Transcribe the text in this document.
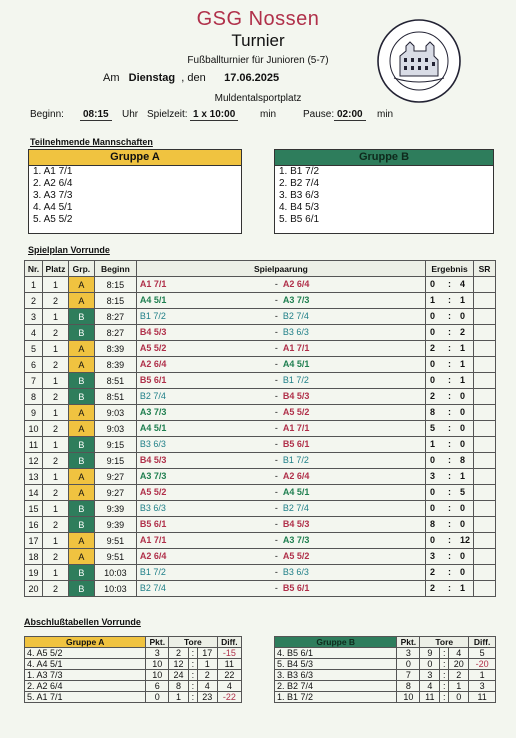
GSG Nossen
Turnier
Fußballturnier für Junioren (5-7)
Am Dienstag , den 17.06.2025
Muldentalsportplatz
Beginn:	08:15	Uhr Spielzeit: 1 x 10:00	min	Pause: 02:00	min
Teilnehmende Mannschaften
Gruppe A
1. A1 7/1
2. A2 6/4
3. A3 7/3
4. A4 5/1
5. A5 5/2
Gruppe B
1. B1 7/2
2. B2 7/4
3. B3 6/3
4. B4 5/3
5. B5 6/1
Spielplan Vorrunde
Nr.	Platz	Grp.	Beginn	Spielpaarung	Ergebnis	SR
1	1	A	8:15	A1 7/1 - A2 6/4	0 : 4	

2	2	A	8:15	A4 5/1 - A3 7/3	1 : 1	

3	1	B	8:27	B1 7/2 - B2 7/4	0 : 0	

4	2	B	8:27	B4 5/3 - B3 6/3	0 : 2	

5	1	A	8:39	A5 5/2 - A1 7/1	2 : 1	

6	2	A	8:39	A2 6/4 - A4 5/1	0 : 1	

7	1	B	8:51	B5 6/1 - B1 7/2	0 : 1	

8	2	B	8:51	B2 7/4 - B4 5/3	2 : 0	

9	1	A	9:03	A3 7/3 - A5 5/2	8 : 0	

10	2	A	9:03	A4 5/1 - A1 7/1	5 : 0	

11	1	B	9:15	B3 6/3 - B5 6/1	1 : 0	

12	2	B	9:15	B4 5/3 - B1 7/2	0 : 8	

13	1	A	9:27	A3 7/3 - A2 6/4	3 : 1	

14	2	A	9:27	A5 5/2 - A4 5/1	0 : 5	

15	1	B	9:39	B3 6/3 - B2 7/4	0 : 0	

16	2	B	9:39	B5 6/1 - B4 5/3	8 : 0	

17	1	A	9:51	A1 7/1 - A3 7/3	0 : 12	

18	2	A	9:51	A2 6/4 - A5 5/2	3 : 0	

19	1	B	10:03	B1 7/2 - B3 6/3	2 : 0	

20	2	B	10:03	B2 7/4 - B5 6/1	2 : 1	

Abschlußtabellen Vorrunde
Gruppe A	Pkt.	Tore			Diff.
4. A5 5/2	3	2	:	17	-15
4. A4 5/1	10	12	:	1	11
1. A3 7/3	10	24	:	2	22
2. A2 6/4	6	8	:	4	4
5. A1 7/1	0	1	:	23	-22
Gruppe B	Pkt.	Tore			Diff.
4. B5 6/1	3	9	:	4	5
5. B4 5/3	0	0	:	20	-20
3. B3 6/3	7	3	:	2	1
2. B2 7/4	8	4	:	1	3
1. B1 7/2	10	11	:	0	11
